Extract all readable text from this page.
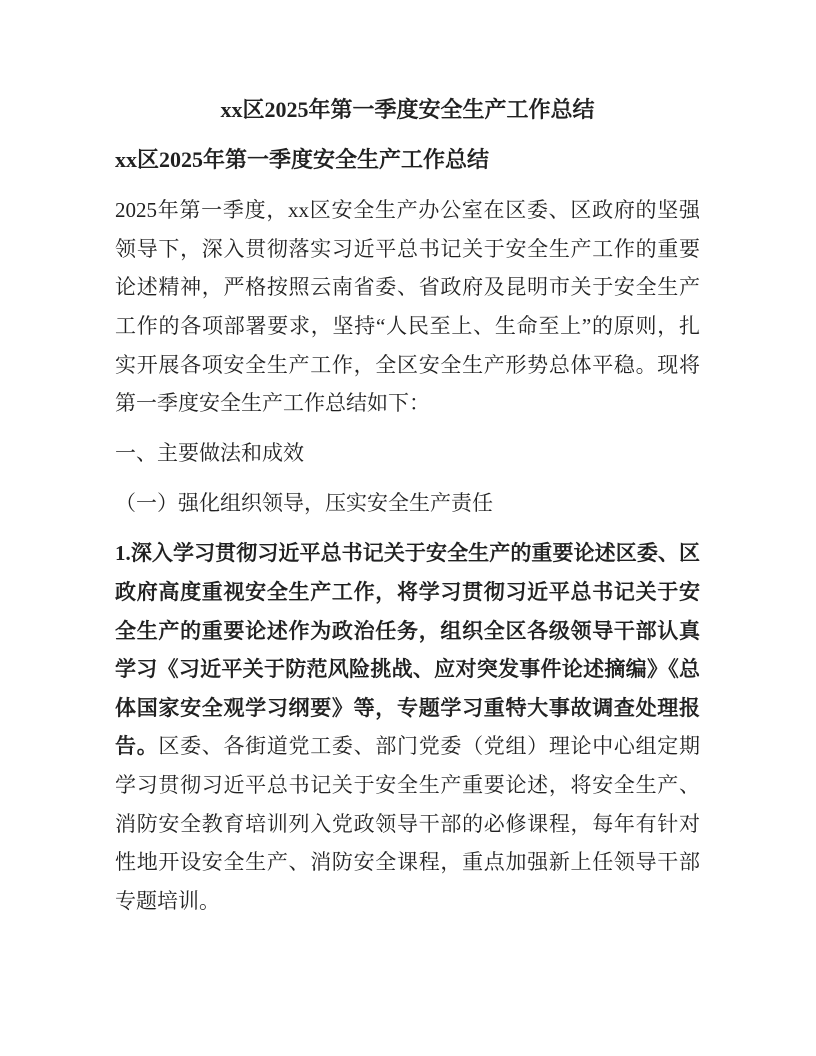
xx区2025年第一季度安全生产工作总结
xx区2025年第一季度安全生产工作总结

2025年第一季度，xx区安全生产办公室在区委、区政府的坚强领导下，深入贯彻落实习近平总书记关于安全生产工作的重要论述精神，严格按照云南省委、省政府及昆明市关于安全生产工作的各项部署要求，坚持“人民至上、生命至上”的原则，扎实开展各项安全生产工作，全区安全生产形势总体平稳。现将第一季度安全生产工作总结如下：

一、主要做法和成效

（一）强化组织领导，压实安全生产责任

1.深入学习贯彻习近平总书记关于安全生产的重要论述区委、区政府高度重视安全生产工作，将学习贯彻习近平总书记关于安全生产的重要论述作为政治任务，组织全区各级领导干部认真学习《习近平关于防范风险挑战、应对突发事件论述摘编》《总体国家安全观学习纲要》等，专题学习重特大事故调查处理报告。区委、各街道党工委、部门党委（党组）理论中心组定期学习贯彻习近平总书记关于安全生产重要论述，将安全生产、消防安全教育培训列入党政领导干部的必修课程，每年有针对性地开设安全生产、消防安全课程，重点加强新上任领导干部专题培训。
